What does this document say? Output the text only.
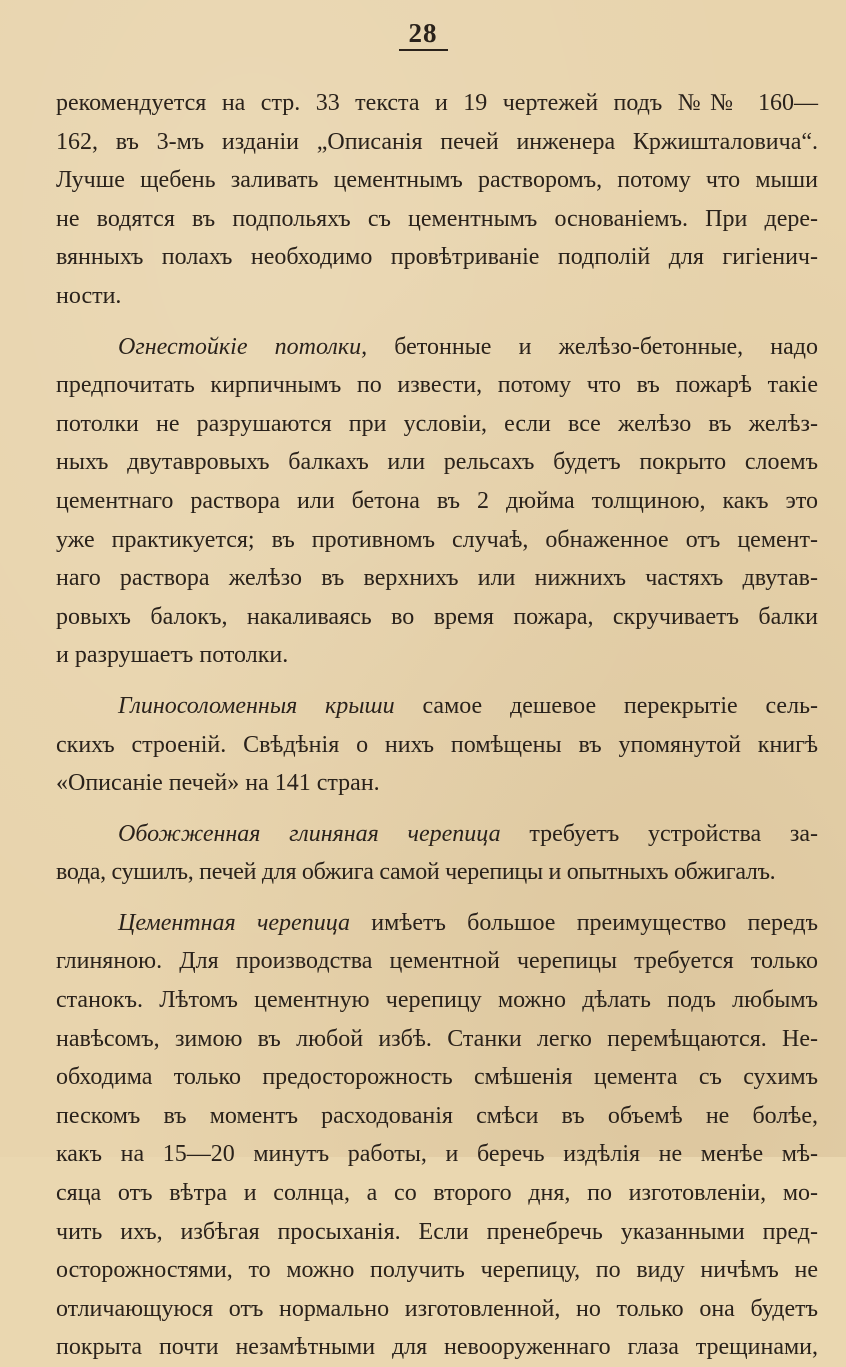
28

рекомендуется на стр. 33 текста и 19 чертежей подъ №№ 160—
162, въ 3-мъ изданіи „Описанія печей инженера Кржишталовича“.
Лучше щебень заливать цементнымъ растворомъ, потому что мыши
не водятся въ подпольяхъ съ цементнымъ основаніемъ. При дере-
вянныхъ полахъ необходимо провѣтриваніе подполій для гигіенич-
ности.

Огнестойкіе потолки, бетонные и желѣзо-бетонные, надо
предпочитать кирпичнымъ по извести, потому что въ пожарѣ такіе
потолки не разрушаются при условіи, если все желѣзо въ желѣз-
ныхъ двутавровыхъ балкахъ или рельсахъ будетъ покрыто слоемъ
цементнаго раствора или бетона въ 2 дюйма толщиною, какъ это
уже практикуется; въ противномъ случаѣ, обнаженное отъ цемент-
наго раствора желѣзо въ верхнихъ или нижнихъ частяхъ двутав-
ровыхъ балокъ, накаливаясь во время пожара, скручиваетъ балки
и разрушаетъ потолки.

Глиносоломенныя крыши самое дешевое перекрытіе сель-
скихъ строеній. Свѣдѣнія о нихъ помѣщены въ упомянутой книгѣ
«Описаніе печей» на 141 стран.

Обожженная глиняная черепица требуетъ устройства за-
вода, сушилъ, печей для обжига самой черепицы и опытныхъ обжигалъ.

Цементная черепица имѣетъ большое преимущество передъ
глиняною. Для производства цементной черепицы требуется только
станокъ. Лѣтомъ цементную черепицу можно дѣлать подъ любымъ
навѣсомъ, зимою въ любой избѣ. Станки легко перемѣщаются. Не-
обходима только предосторожность смѣшенія цемента съ сухимъ
пескомъ въ моментъ расходованія смѣси въ объемѣ не болѣе,
какъ на 15—20 минутъ работы, и беречь издѣлія не менѣе мѣ-
сяца отъ вѣтра и солнца, а со второго дня, по изготовленіи, мо-
чить ихъ, избѣгая просыханія. Если пренебречь указанными пред-
осторожностями, то можно получить черепицу, по виду ничѣмъ не
отличающуюся отъ нормально изготовленной, но только она будетъ
покрыта почти незамѣтными для невооруженнаго глаза трещинами,
